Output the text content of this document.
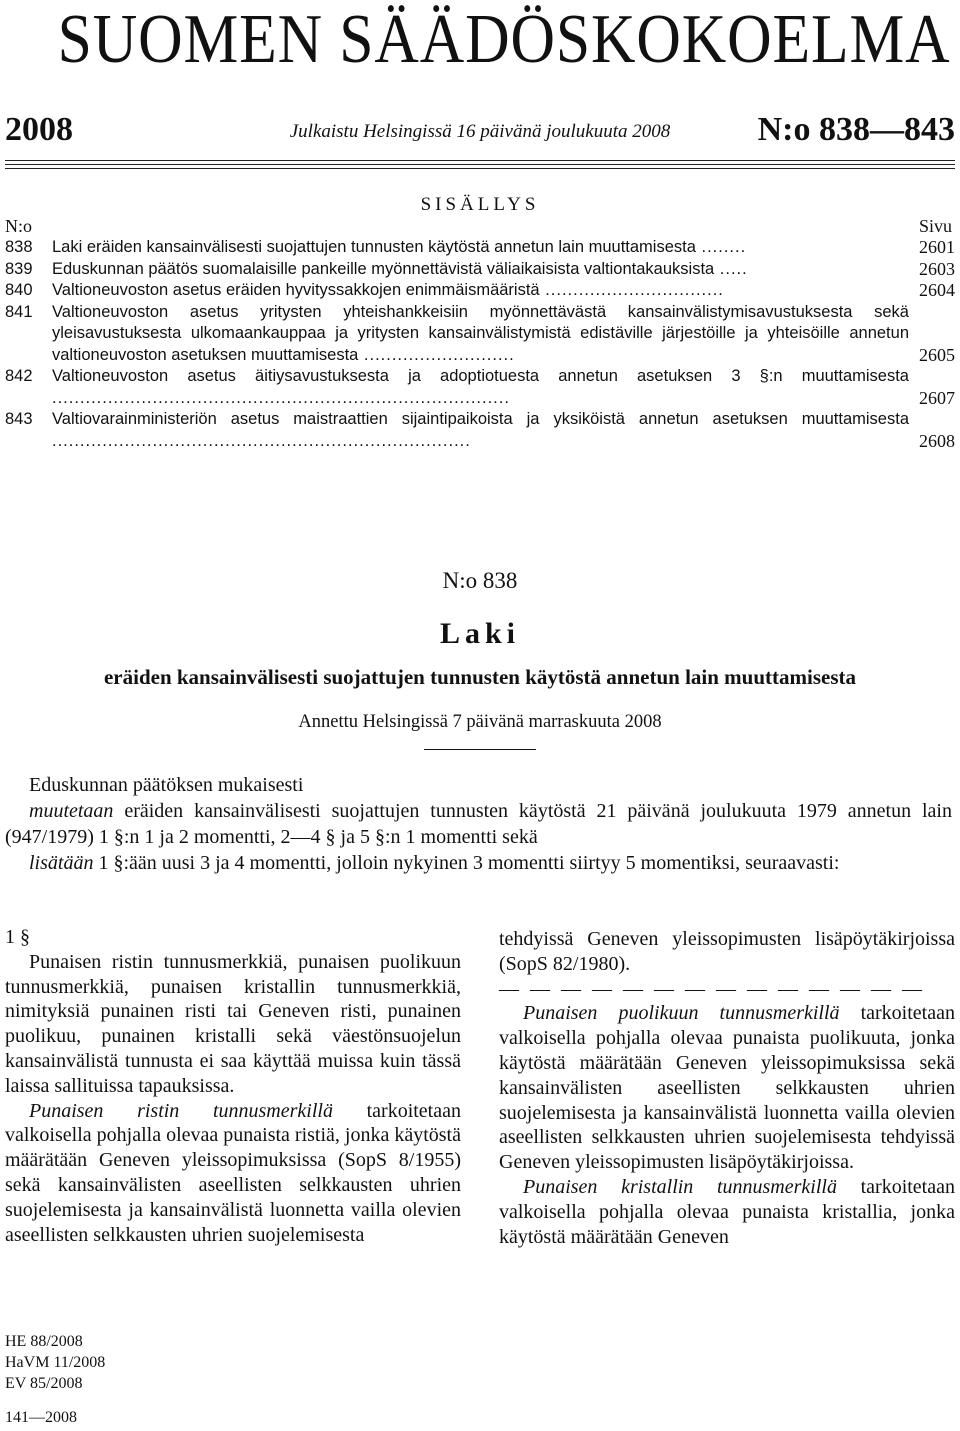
SUOMEN SÄÄDÖSKOKOELMA
2008	Julkaistu Helsingissä 16 päivänä joulukuuta 2008	N:o 838—843
SISÄLLYS
N:o	Sivu
838	Laki eräiden kansainvälisesti suojattujen tunnusten käytöstä annetun lain muuttamisesta ........	2601
839	Eduskunnan päätös suomalaisille pankeille myönnettävistä väliaikaisista valtiontakauksista .....	2603
840	Valtioneuvoston asetus eräiden hyvityssakkojen enimmäismääristä ................................	2604
841	Valtioneuvoston asetus yritysten yhteishankkeisiin myönnettävästä kansainvälistymisavustuksesta sekä yleisavustuksesta ulkomaankauppaa ja yritysten kansainvälistymistä edistäville järjestöille ja yhteisöille annetun valtioneuvoston asetuksen muuttamisesta ...........................	2605
842	Valtioneuvoston asetus äitiysavustuksesta ja adoptiotuesta annetun asetuksen 3 §:n muuttamisesta ..................................................................................	2607
843	Valtiovarainministeriön asetus maistraattien sijaintipaikoista ja yksiköistä annetun asetuksen muuttamisesta ...........................................................................	2608
N:o 838
Laki
eräiden kansainvälisesti suojattujen tunnusten käytöstä annetun lain muuttamisesta
Annettu Helsingissä 7 päivänä marraskuuta 2008

Eduskunnan päätöksen mukaisesti

muutetaan eräiden kansainvälisesti suojattujen tunnusten käytöstä 21 päivänä joulukuuta 1979 annetun lain (947/1979) 1 §:n 1 ja 2 momentti, 2—4 § ja 5 §:n 1 momentti sekä

lisätään 1 §:ään uusi 3 ja 4 momentti, jolloin nykyinen 3 momentti siirtyy 5 momentiksi, seuraavasti:

1 §

Punaisen ristin tunnusmerkkiä, punaisen puolikuun tunnusmerkkiä, punaisen kristallin tunnusmerkkiä, nimityksiä punainen risti tai Geneven risti, punainen puolikuu, punainen kristalli sekä väestönsuojelun kansainvälistä tunnusta ei saa käyttää muissa kuin tässä laissa sallituissa tapauksissa.

Punaisen ristin tunnusmerkillä tarkoitetaan valkoisella pohjalla olevaa punaista ristiä, jonka käytöstä määrätään Geneven yleissopimuksissa (SopS 8/1955) sekä kansainvälisten aseellisten selkkausten uhrien suojelemisesta ja kansainvälistä luonnetta vailla olevien aseellisten selkkausten uhrien suojelemisesta

tehdyissä Geneven yleissopimusten lisäpöytäkirjoissa (SopS 82/1980).

— — — — — — — — — — — — — —

Punaisen puolikuun tunnusmerkillä tarkoitetaan valkoisella pohjalla olevaa punaista puolikuuta, jonka käytöstä määrätään Geneven yleissopimuksissa sekä kansainvälisten aseellisten selkkausten uhrien suojelemisesta ja kansainvälistä luonnetta vailla olevien aseellisten selkkausten uhrien suojelemisesta tehdyissä Geneven yleissopimusten lisäpöytäkirjoissa.

Punaisen kristallin tunnusmerkillä tarkoitetaan valkoisella pohjalla olevaa punaista kristallia, jonka käytöstä määrätään Geneven

HE 88/2008
HaVM 11/2008
EV 85/2008
141—2008
